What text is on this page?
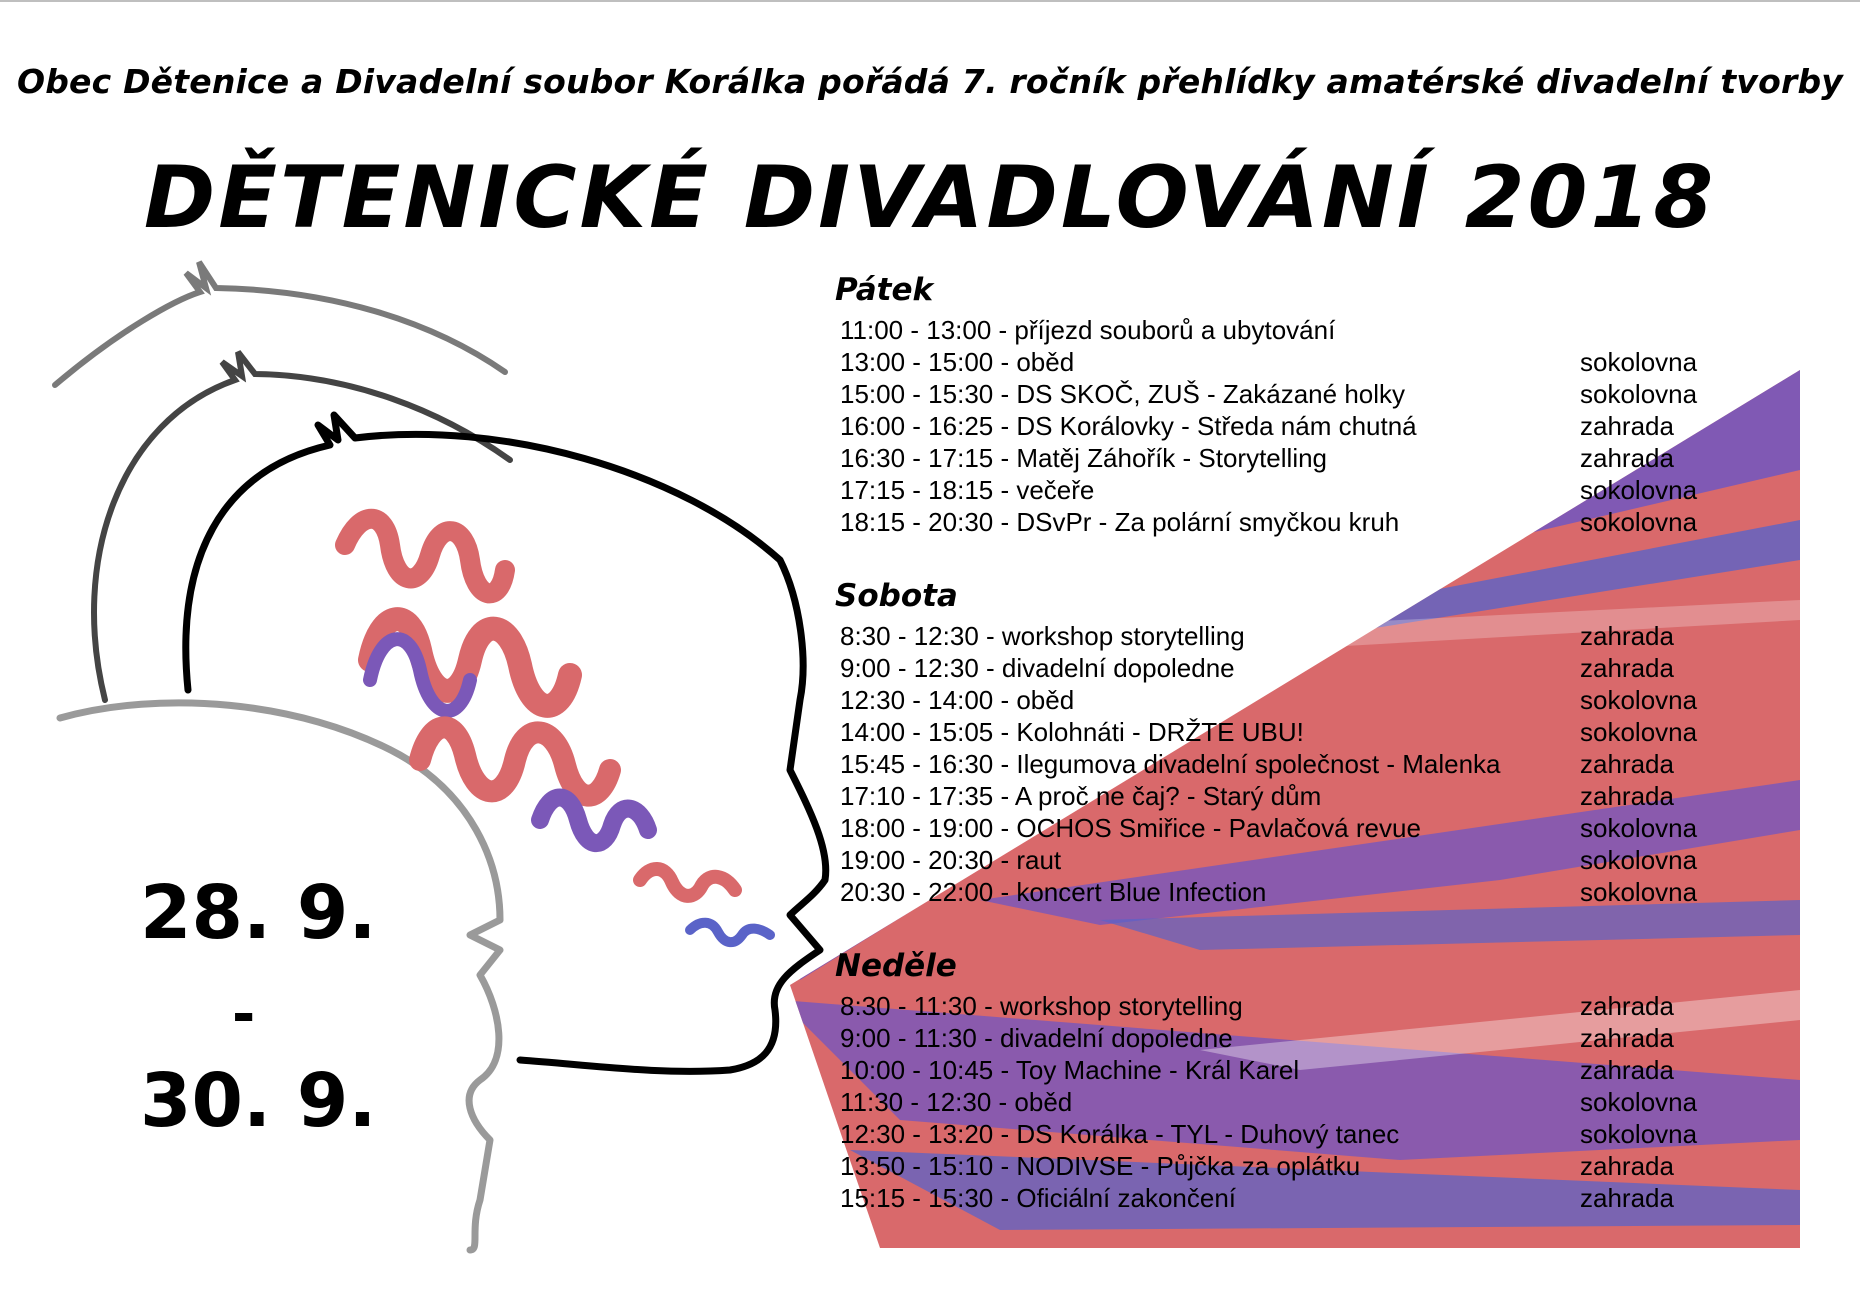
Obec Dětenice a Divadelní soubor Korálka pořádá 7. ročník přehlídky amatérské divadelní tvorby
DĚTENICKÉ DIVADLOVÁNÍ 2018
28. 9.
-
30. 9.
Pátek
11:00 - 13:00 - příjezd souborů a ubytování
13:00 - 15:00 - oběd	sokolovna
15:00 - 15:30 - DS SKOČ, ZUŠ - Zakázané holky	sokolovna
16:00 - 16:25 - DS Korálovky - Středa nám chutná	zahrada
16:30 - 17:15 - Matěj Záhořík - Storytelling	zahrada
17:15 - 18:15 - večeře	sokolovna
18:15 - 20:30 - DSvPr - Za polární smyčkou kruh	sokolovna
Sobota
8:30 - 12:30 - workshop storytelling	zahrada
9:00 - 12:30 - divadelní dopoledne	zahrada
12:30 - 14:00 - oběd	sokolovna
14:00 - 15:05 - Kolohnáti - DRŽTE UBU!	sokolovna
15:45 - 16:30 - Ilegumova divadelní společnost - Malenka	zahrada
17:10 - 17:35 - A proč ne čaj? - Starý dům	zahrada
18:00 - 19:00 - OCHOS Smiřice - Pavlačová revue	sokolovna
19:00 - 20:30 - raut	sokolovna
20:30 - 22:00 - koncert Blue Infection	sokolovna
Neděle
8:30 - 11:30 - workshop storytelling	zahrada
9:00 - 11:30 - divadelní dopoledne	zahrada
10:00 - 10:45 - Toy Machine - Král Karel	zahrada
11:30 - 12:30 - oběd	sokolovna
12:30 - 13:20 - DS Korálka - TYL - Duhový tanec	sokolovna
13:50 - 15:10 - NODIVSE - Půjčka za oplátku	zahrada
15:15 - 15:30 - Oficiální zakončení	zahrada
